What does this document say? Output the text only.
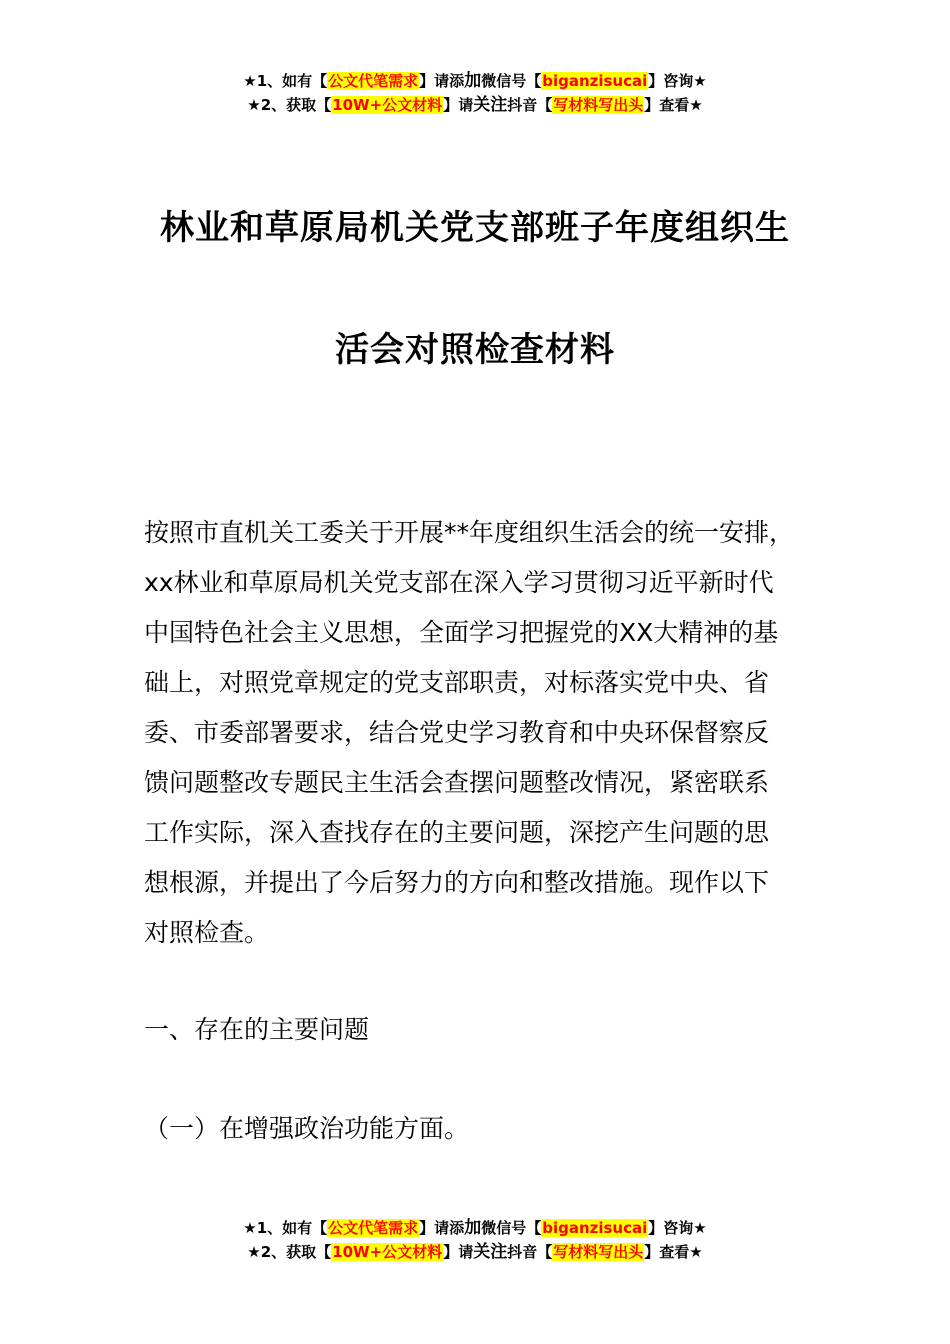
★1、如有【公文代笔需求】请添加微信号【biganzisucai】咨询★
★2、获取【10W+公文材料】请关注抖音【写材料写出头】查看★
林业和草原局机关党支部班子年度组织生
活会对照检查材料

按照市直机关工委关于开展**年度组织生活会的统一安排，

xx林业和草原局机关党支部在深入学习贯彻习近平新时代

中国特色社会主义思想，全面学习把握党的XX大精神的基

础上，对照党章规定的党支部职责，对标落实党中央、省

委、市委部署要求，结合党史学习教育和中央环保督察反

馈问题整改专题民主生活会查摆问题整改情况，紧密联系

工作实际，深入查找存在的主要问题，深挖产生问题的思

想根源，并提出了今后努力的方向和整改措施。现作以下

对照检查。

一、存在的主要问题
（一）在增强政治功能方面。
★1、如有【公文代笔需求】请添加微信号【biganzisucai】咨询★
★2、获取【10W+公文材料】请关注抖音【写材料写出头】查看★
